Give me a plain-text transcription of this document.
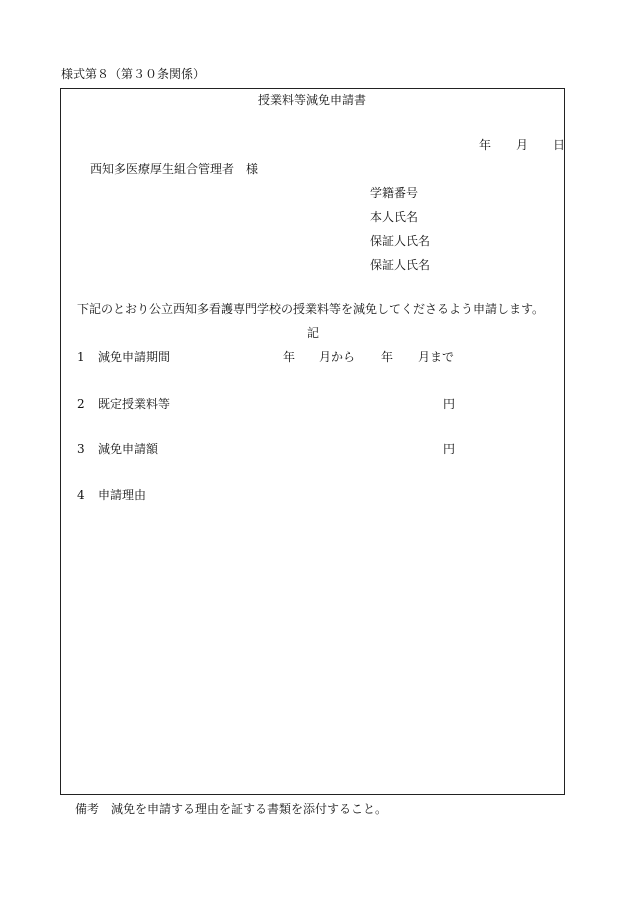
様式第８（第３０条関係）
授業料等減免申請書
年 月 日
西知多医療厚生組合管理者　様
学籍番号
本人氏名
保証人氏名
保証人氏名
下記のとおり公立西知多看護専門学校の授業料等を減免してくださるよう申請します。
記
1 減免申請期間	年 月から 年 月まで
2 既定授業料等	円
3 減免申請額	円
4 申請理由
備考　減免を申請する理由を証する書類を添付すること。
